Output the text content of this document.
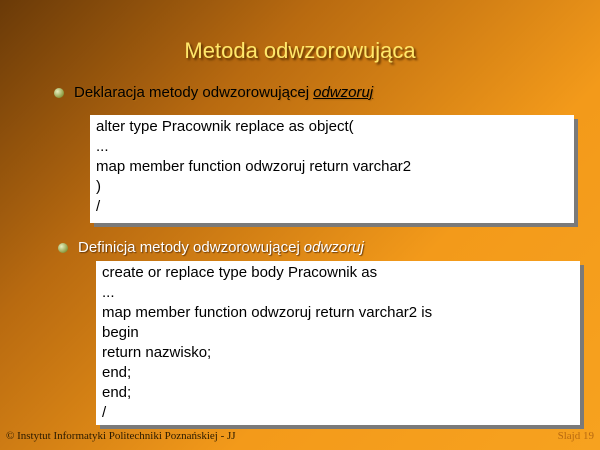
Metoda odwzorowująca
Deklaracja metody odwzorowującej odwzoruj
alter type Pracownik replace as object(
...
map member function odwzoruj return varchar2
)
/
Definicja metody odwzorowującej odwzoruj
create or replace type body Pracownik as
...
map member function odwzoruj return varchar2 is
begin
return nazwisko;
end;
end;
/
© Instytut Informatyki Politechniki Poznańskiej - JJ	Slajd 19
